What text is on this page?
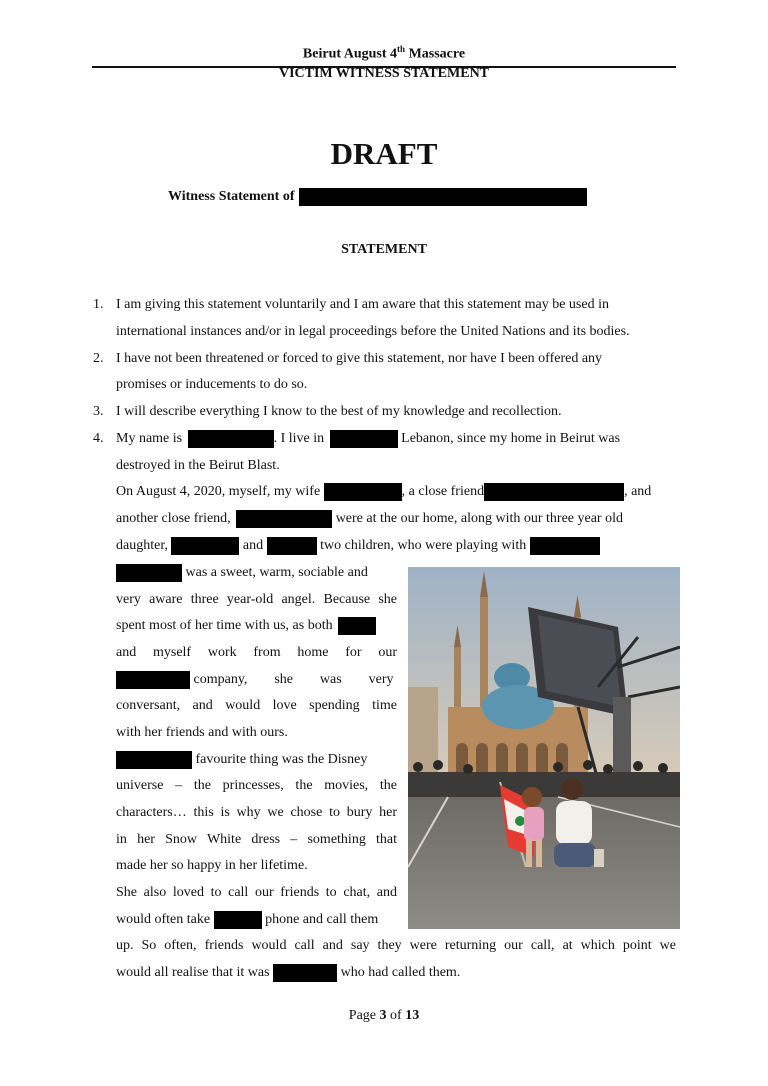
Beirut August 4th Massacre
VICTIM WITNESS STATEMENT
DRAFT
Witness Statement of
STATEMENT
1. I am giving this statement voluntarily and I am aware that this statement may be used in
international instances and/or in legal proceedings before the United Nations and its bodies.
2. I have not been threatened or forced to give this statement, nor have I been offered any
promises or inducements to do so.
3. I will describe everything I know to the best of my knowledge and recollection.
4. My name is	. I live in	Lebanon, since my home in Beirut was
destroyed in the Beirut Blast.
On August 4, 2020, myself, my wife	, a close friend	, and
another close friend,	were at the our home, along with our three year old
daughter,	and	two children, who were playing with
was a sweet, warm, sociable and
very aware three year-old angel. Because she
spent most of her time with us, as both
and myself work from home for our
company, she was very
conversant, and would love spending time
with her friends and with ours.
favourite thing was the Disney
universe – the princesses, the movies, the
characters… this is why we chose to bury her
in her Snow White dress – something that
made her so happy in her lifetime.
She also loved to call our friends to chat, and
would often take	phone and call them
up. So often, friends would call and say they were returning our call, at which point we
would all realise that it was	who had called them.
Page 3 of 13
